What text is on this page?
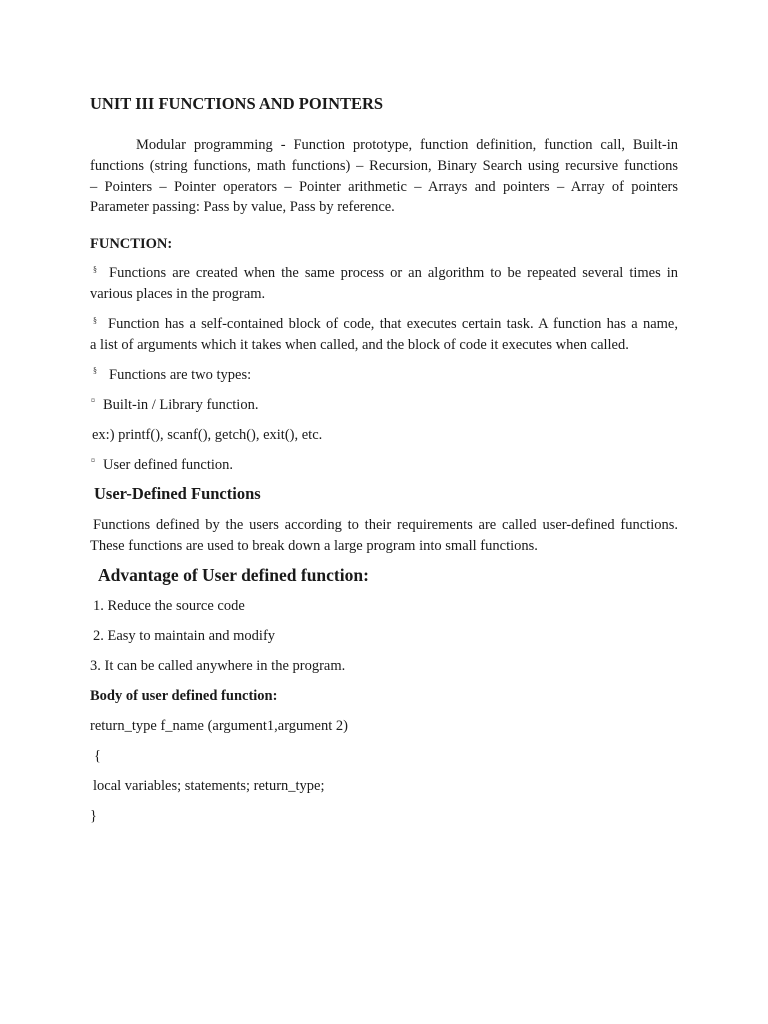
UNIT III FUNCTIONS AND POINTERS
Modular programming - Function prototype, function definition, function call, Built-in
functions (string functions, math functions) – Recursion, Binary Search using recursive functions
– Pointers – Pointer operators – Pointer arithmetic – Arrays and pointers – Array of pointers
Parameter passing: Pass by value, Pass by reference.
FUNCTION:
§ Functions are created when the same process or an algorithm to be repeated several times in
various places in the program.
§ Function has a self-contained block of code, that executes certain task. A function has a name,
a list of arguments which it takes when called, and the block of code it executes when called.
§ Functions are two types:
¤ Built-in / Library function.
ex:) printf(), scanf(), getch(), exit(), etc.
¤ User defined function.
User-Defined Functions
Functions defined by the users according to their requirements are called user-defined functions.
These functions are used to break down a large program into small functions.
Advantage of User defined function:
1. Reduce the source code
2. Easy to maintain and modify
3. It can be called anywhere in the program.
Body of user defined function:
return_type f_name (argument1,argument 2)
{
local variables; statements; return_type;
}
